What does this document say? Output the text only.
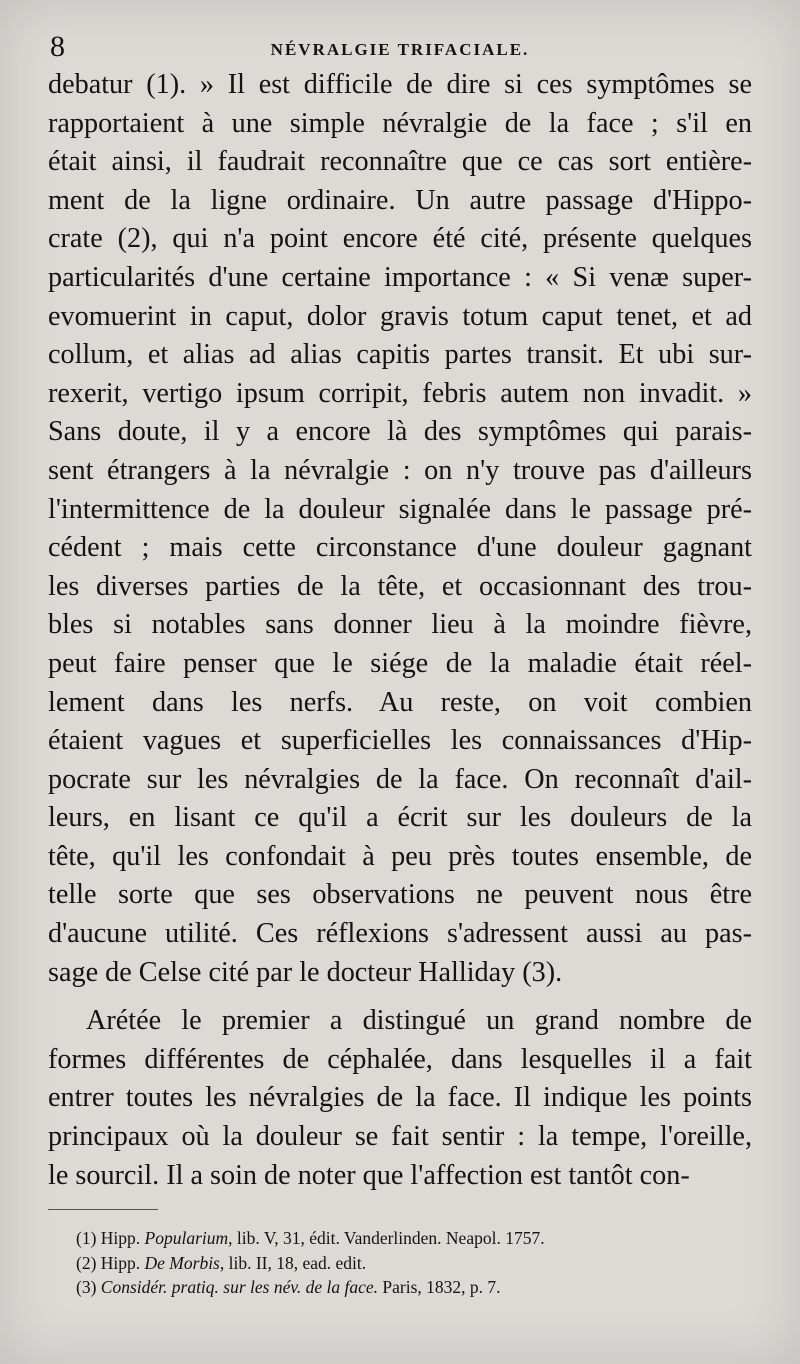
8	NÉVRALGIE TRIFACIALE.
debatur (1). » Il est difficile de dire si ces symptômes se
rapportaient à une simple névralgie de la face ; s'il en
était ainsi, il faudrait reconnaître que ce cas sort entière-
ment de la ligne ordinaire. Un autre passage d'Hippo-
crate (2), qui n'a point encore été cité, présente quelques
particularités d'une certaine importance : « Si venæ super-
evomuerint in caput, dolor gravis totum caput tenet, et ad
collum, et alias ad alias capitis partes transit. Et ubi sur-
rexerit, vertigo ipsum corripit, febris autem non invadit. »
Sans doute, il y a encore là des symptômes qui parais-
sent étrangers à la névralgie : on n'y trouve pas d'ailleurs
l'intermittence de la douleur signalée dans le passage pré-
cédent ; mais cette circonstance d'une douleur gagnant
les diverses parties de la tête, et occasionnant des trou-
bles si notables sans donner lieu à la moindre fièvre,
peut faire penser que le siége de la maladie était réel-
lement dans les nerfs. Au reste, on voit combien
étaient vagues et superficielles les connaissances d'Hip-
pocrate sur les névralgies de la face. On reconnaît d'ail-
leurs, en lisant ce qu'il a écrit sur les douleurs de la
tête, qu'il les confondait à peu près toutes ensemble, de
telle sorte que ses observations ne peuvent nous être
d'aucune utilité. Ces réflexions s'adressent aussi au pas-
sage de Celse cité par le docteur Halliday (3).
Arétée le premier a distingué un grand nombre de
formes différentes de céphalée, dans lesquelles il a fait
entrer toutes les névralgies de la face. Il indique les points
principaux où la douleur se fait sentir : la tempe, l'oreille,
le sourcil. Il a soin de noter que l'affection est tantôt con-
(1) Hipp. Popularium, lib. V, 31, édit. Vanderlinden. Neapol. 1757.
(2) Hipp. De Morbis, lib. II, 18, ead. edit.
(3) Considér. pratiq. sur les név. de la face. Paris, 1832, p. 7.
